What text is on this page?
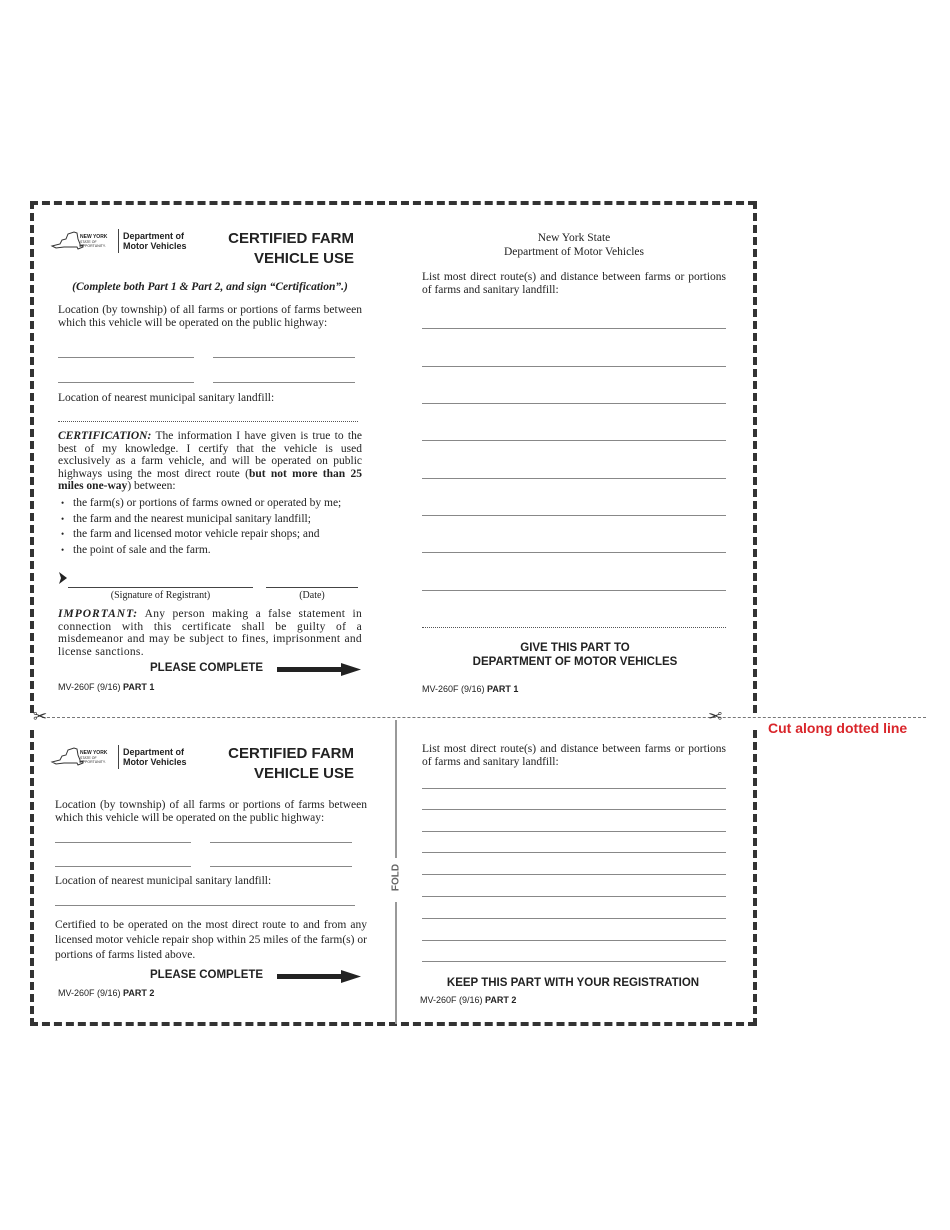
✂	✂
Cut along dotted line
FOLD
NEW YORK
STATE OF OPPORTUNITY.
Department of
Motor Vehicles	CERTIFIED FARM
VEHICLE USE
(Complete both Part 1 & Part 2, and sign “Certification”.)
Location (by township) of all farms or portions of farms between which this vehicle will be operated on the public highway:
Location of nearest municipal sanitary landfill:
CERTIFICATION: The information I have given is true to the best of my knowledge. I certify that the vehicle is used exclusively as a farm vehicle, and will be operated on public highways using the most direct route (but not more than 25 miles one-way) between:
• the farm(s) or portions of farms owned or operated by me;
• the farm and the nearest municipal sanitary landfill;
• the farm and licensed motor vehicle repair shops; and
• the point of sale and the farm.
(Signature of Registrant)	(Date)
IMPORTANT: Any person making a false statement in connection with this certificate shall be guilty of a misdemeanor and may be subject to fines, imprisonment and license sanctions.
PLEASE COMPLETE
MV-260F (9/16) PART 1
New York State
Department of Motor Vehicles
List most direct route(s) and distance between farms or portions of farms and sanitary landfill:
GIVE THIS PART TO
DEPARTMENT OF MOTOR VEHICLES
MV-260F (9/16) PART 1
NEW YORK
STATE OF OPPORTUNITY.
Department of
Motor Vehicles	CERTIFIED FARM
VEHICLE USE
Location (by township) of all farms or portions of farms between which this vehicle will be operated on the public highway:
Location of nearest municipal sanitary landfill:
Certified to be operated on the most direct route to and from any licensed motor vehicle repair shop within 25 miles of the farm(s) or portions of farms listed above.
PLEASE COMPLETE
MV-260F (9/16) PART 2
List most direct route(s) and distance between farms or portions of farms and sanitary landfill:
KEEP THIS PART WITH YOUR REGISTRATION
MV-260F (9/16) PART 2
